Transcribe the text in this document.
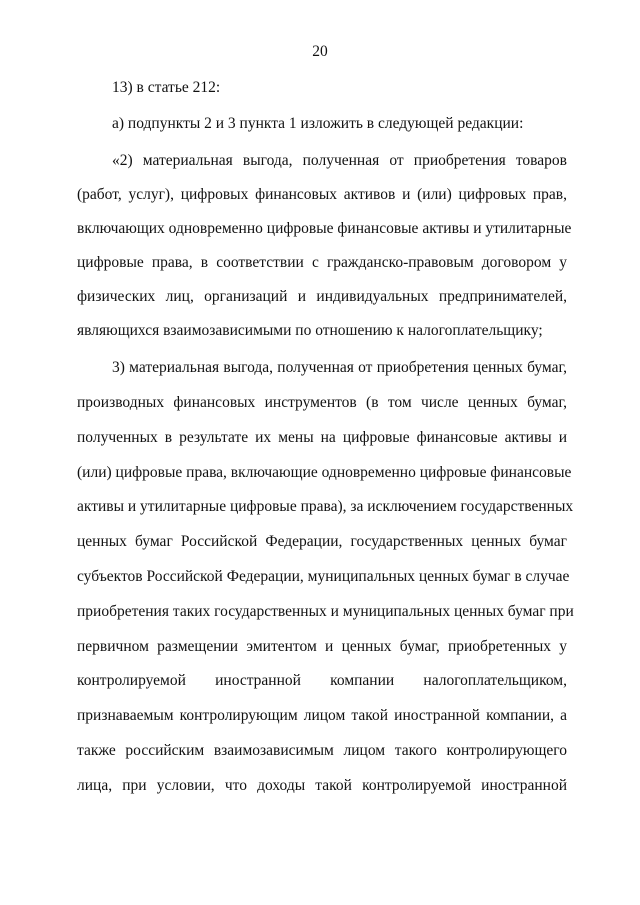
20
13) в статье 212:
а) подпункты 2 и 3 пункта 1 изложить в следующей редакции:
«2) материальная выгода, полученная от приобретения товаров
(работ, услуг), цифровых финансовых активов и (или) цифровых прав,
включающих одновременно цифровые финансовые активы и утилитарные
цифровые права, в соответствии с гражданско-правовым договором у
физических лиц, организаций и индивидуальных предпринимателей,
являющихся взаимозависимыми по отношению к налогоплательщику;
3) материальная выгода, полученная от приобретения ценных бумаг,
производных финансовых инструментов (в том числе ценных бумаг,
полученных в результате их мены на цифровые финансовые активы и
(или) цифровые права, включающие одновременно цифровые финансовые
активы и утилитарные цифровые права), за исключением государственных
ценных бумаг Российской Федерации, государственных ценных бумаг
субъектов Российской Федерации, муниципальных ценных бумаг в случае
приобретения таких государственных и муниципальных ценных бумаг при
первичном размещении эмитентом и ценных бумаг, приобретенных у
контролируемой иностранной компании налогоплательщиком,
признаваемым контролирующим лицом такой иностранной компании, а
также российским взаимозависимым лицом такого контролирующего
лица, при условии, что доходы такой контролируемой иностранной
